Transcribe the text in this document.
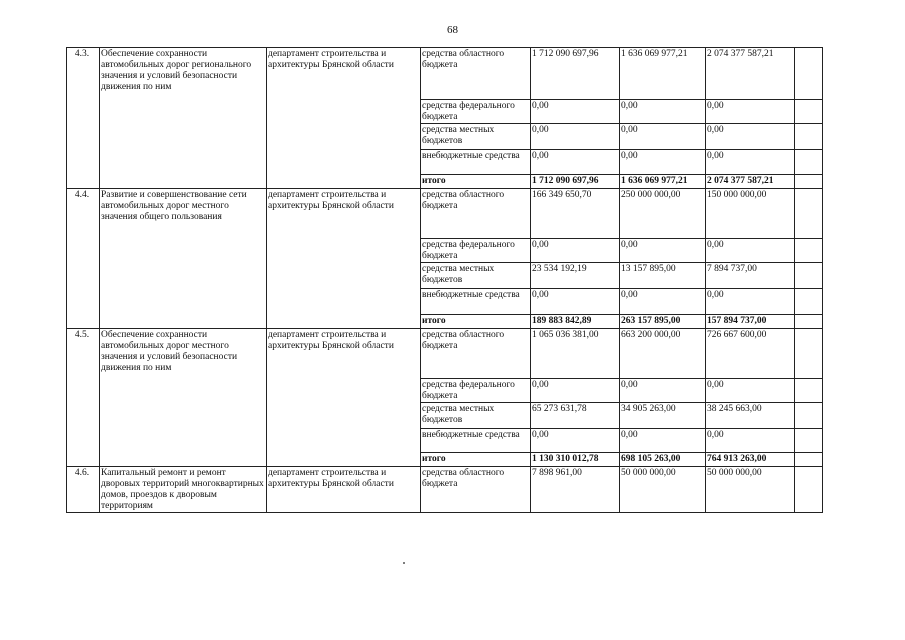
68
4.3.	Обеспечение сохранности автомобильных дорог регионального значения и условий безопасности движения по ним	департамент строительства и архитектуры Брянской области	средства областного бюджета	1 712 090 697,96	1 636 069 977,21	2 074 377 587,21	
			средства федерального бюджета	0,00	0,00	0,00	
			средства местных бюджетов	0,00	0,00	0,00	
			внебюджетные средства	0,00	0,00	0,00	
			итого	1 712 090 697,96	1 636 069 977,21	2 074 377 587,21	
4.4.	Развитие и совершенствование сети автомобильных дорог местного значения общего пользования	департамент строительства и архитектуры Брянской области	средства областного бюджета	166 349 650,70	250 000 000,00	150 000 000,00	
			средства федерального бюджета	0,00	0,00	0,00	
			средства местных бюджетов	23 534 192,19	13 157 895,00	7 894 737,00	
			внебюджетные средства	0,00	0,00	0,00	
			итого	189 883 842,89	263 157 895,00	157 894 737,00	
4.5.	Обеспечение сохранности автомобильных дорог местного значения и условий безопасности движения по ним	департамент строительства и архитектуры Брянской области	средства областного бюджета	1 065 036 381,00	663 200 000,00	726 667 600,00	
			средства федерального бюджета	0,00	0,00	0,00	
			средства местных бюджетов	65 273 631,78	34 905 263,00	38 245 663,00	
			внебюджетные средства	0,00	0,00	0,00	
			итого	1 130 310 012,78	698 105 263,00	764 913 263,00	
4.6.	Капитальный ремонт и ремонт дворовых территорий многоквартирных домов, проездов к дворовым территориям	департамент строительства и архитектуры Брянской области	средства областного бюджета	7 898 961,00	50 000 000,00	50 000 000,00	
